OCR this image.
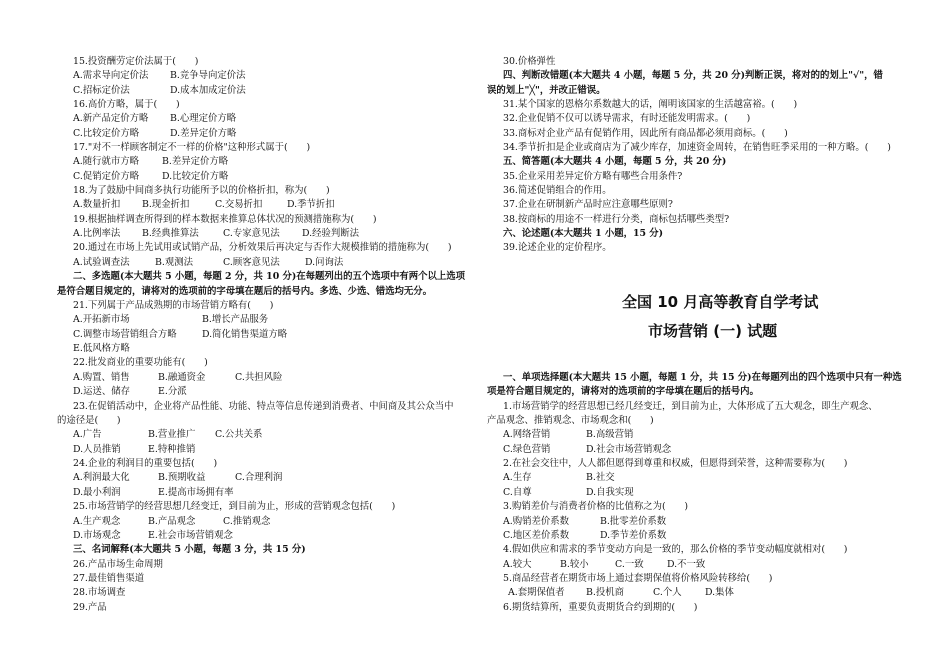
15.投资酬劳定价法属于(　　)
A.需求导向定价法 B.竞争导向定价法
C.招标定价法	D.成本加成定价法
16.高价方略，属于(　　)
A.新产品定价方略 B.心理定价方略
C.比较定价方略	D.差异定价方略
17."对不一样顾客制定不一样的价格"这种形式属于(　　)
A.随行就市方略 B.差异定价方略
C.促销定价方略 D.比较定价方略
18.为了鼓励中间商多执行功能所予以的价格折扣，称为(　　)
A.数量折扣 B.现金折扣	C.交易折扣	D.季节折扣
19.根据抽样调查所得到的样本数据来推算总体状况的预测措施称为(　　)
A.比例率法 B.经典推算法	C.专家意见法 D.经验判断法
20.通过在市场上先试用或试销产品，分析效果后再决定与否作大规模推销的措施称为(　　)
A.试验调查法	B.观测法	C.顾客意见法	D.问询法
二、多选题(本大题共 5 小题，每题 2 分，共 10 分)在每题列出的五个选项中有两个以上选项
是符合题目规定的，请将对的选项前的字母填在题后的括号内。多选、少选、错选均无分。
21.下列属于产品成熟期的市场营销方略有(　　)
A.开拓新市场	B.增长产品服务
C.调整市场营销组合方略	D.简化销售渠道方略
E.低风格方略
22.批发商业的重要功能有(　　)
A.购置、销售	B.融通资金	C.共担风险
D.运送、储存	E.分派
23.在促销活动中，企业将产品性能、功能、特点等信息传递到消费者、中间商及其公众当中
的途径是(　　)
A.广告	B.营业推广 C.公共关系
D.人员推销	E.特种推销
24.企业的利润目的重要包括(　　)
A.利润最大化	B.预期收益	C.合理利润
D.最小利润	E.提高市场拥有率
25.市场营销学的经营思想几经变迁，到目前为止，形成的营销观念包括(　　)
A.生产观念	B.产品观念	C.推销观念
D.市场观念	E.社会市场营销观念
三、名词解释(本大题共 5 小题，每题 3 分，共 15 分)
26.产品市场生命周期
27.最佳销售渠道
28.市场调查
29.产品
30.价格弹性
四、判断改错题(本大题共 4 小题，每题 5 分，共 20 分)判断正误，将对的的划上"√"，错
误的划上"╳"，并改正错误。
31.某个国家的恩格尔系数越大的话，阐明该国家的生活越富裕。(　　)
32.企业促销不仅可以诱导需求，有时还能发明需求。(　　)
33.商标对企业产品有促销作用，因此所有商品都必须用商标。(　　)
34.季节折扣是企业或商店为了减少库存，加速资金周转，在销售旺季采用的一种方略。(　　)
五、简答题(本大题共 4 小题，每题 5 分，共 20 分)
35.企业采用差异定价方略有哪些合用条件?
36.简述促销组合的作用。
37.企业在研制新产品时应注意哪些原则?
38.按商标的用途不一样进行分类，商标包括哪些类型?
六、论述题(本大题共 1 小题，15 分)
39.论述企业的定价程序。
全国 10 月高等教育自学考试
市场营销 (一) 试题
一、单项选择题(本大题共 15 小题，每题 1 分，共 15 分)在每题列出的四个选项中只有一种选
项是符合题目规定的，请将对的选项前的字母填在题后的括号内。
1.市场营销学的经营思想已经几经变迁，到目前为止，大体形成了五大观念，即生产观念、
产品观念、推销观念、市场观念和(　　)
A.网络营销	B.高级营销
C.绿色营销	D.社会市场营销观念
2.在社会交往中，人人都但愿得到尊重和权威，但愿得到荣誉，这种需要称为(　　)
A.生存	B.社交
C.自尊	D.自我实现
3.购销差价与消费者价格的比值称之为(　　)
A.购销差价系数	B.批零差价系数
C.地区差价系数	D.季节差价系数
4.假如供应和需求的季节变动方向是一致的，那么价格的季节变动幅度就相对(　　)
A.较大	B.较小	C.一致 D.不一致
5.商品经营者在期货市场上通过套期保值将价格风险转移给(　　)
A.套期保值者 B.投机商	C.个人 D.集体
6.期货结算所，重要负责期货合约到期的(　　)
